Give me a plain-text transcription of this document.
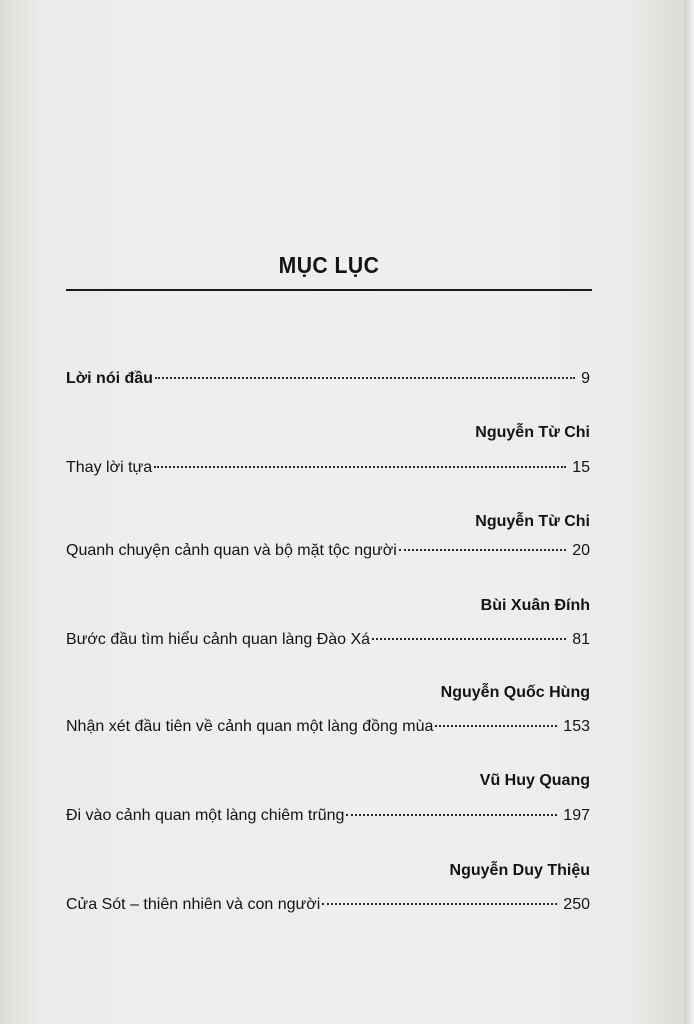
MỤC LỤC
Lời nói đầu	9
Nguyễn Từ Chi
Thay lời tựa	15
Nguyễn Từ Chi
Quanh chuyện cảnh quan và bộ mặt tộc người	20
Bùi Xuân Đính
Bước đầu tìm hiểu cảnh quan làng Đào Xá	81
Nguyễn Quốc Hùng
Nhận xét đầu tiên về cảnh quan một làng đồng mùa	153
Vũ Huy Quang
Đi vào cảnh quan một làng chiêm trũng	197
Nguyễn Duy Thiệu
Cửa Sót – thiên nhiên và con người	250
